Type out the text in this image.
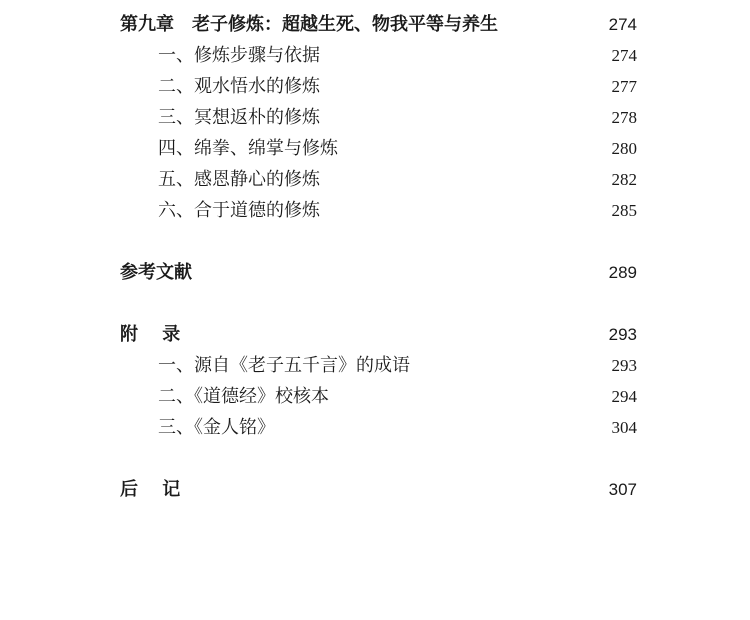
第九章　老子修炼：超越生死、物我平等与养生	274
一、修炼步骤与依据	274
二、观水悟水的修炼	277
三、冥想返朴的修炼	278
四、绵拳、绵掌与修炼	280
五、感恩静心的修炼	282
六、合于道德的修炼	285
参考文献	289
附 录	293
一、源自《老子五千言》的成语	293
二、《道德经》校核本	294
三、《金人铭》	304
后 记	307
